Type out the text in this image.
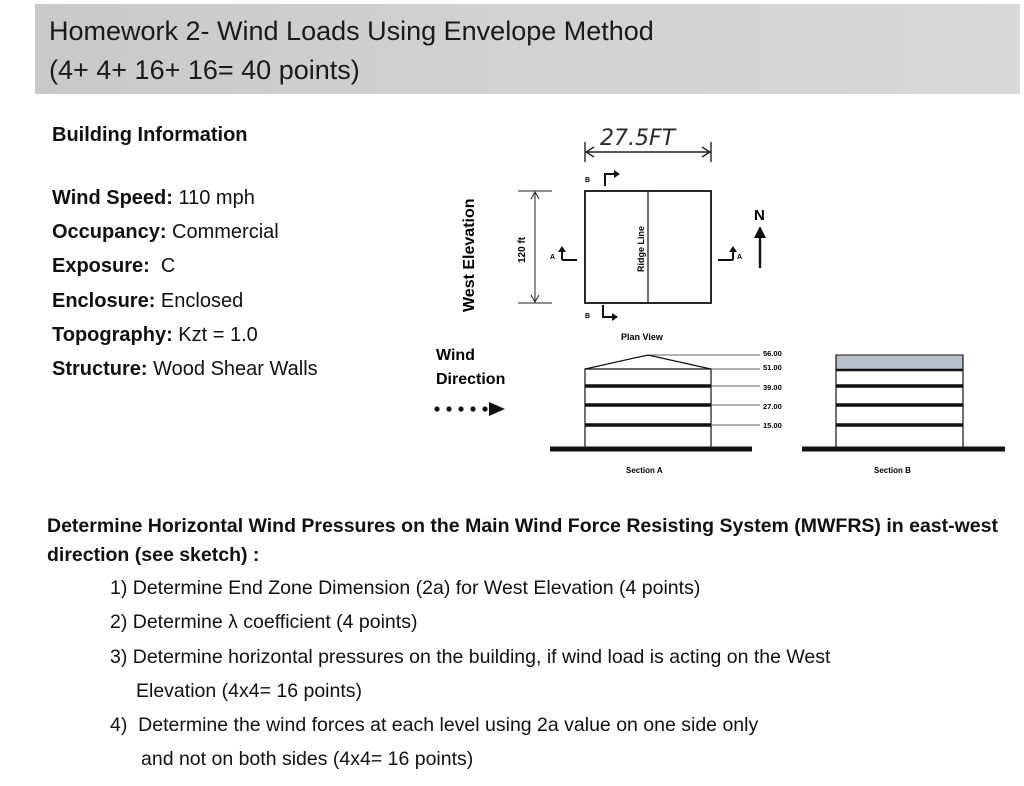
Homework 2- Wind Loads Using Envelope Method
(4+ 4+ 16+ 16= 40 points)
Building Information
Wind Speed: 110 mph
Occupancy: Commercial
Exposure:  C
Enclosure: Enclosed
Topography: Kzt = 1.0
Structure: Wood Shear Walls
27.5FT
West Elevation	120 ft	Ridge Line
Plan View
B
B
A	A
N
Wind
Direction
56.00
51.00
39.00
27.00
15.00
Section A	Section B
Determine Horizontal Wind Pressures on the Main Wind Force Resisting System (MWFRS) in east-west direction (see sketch) :
1) Determine End Zone Dimension (2a) for West Elevation (4 points)
2) Determine λ coefficient (4 points)
3) Determine horizontal pressures on the building, if wind load is acting on the West
Elevation (4x4= 16 points)
4)  Determine the wind forces at each level using 2a value on one side only
and not on both sides (4x4= 16 points)
